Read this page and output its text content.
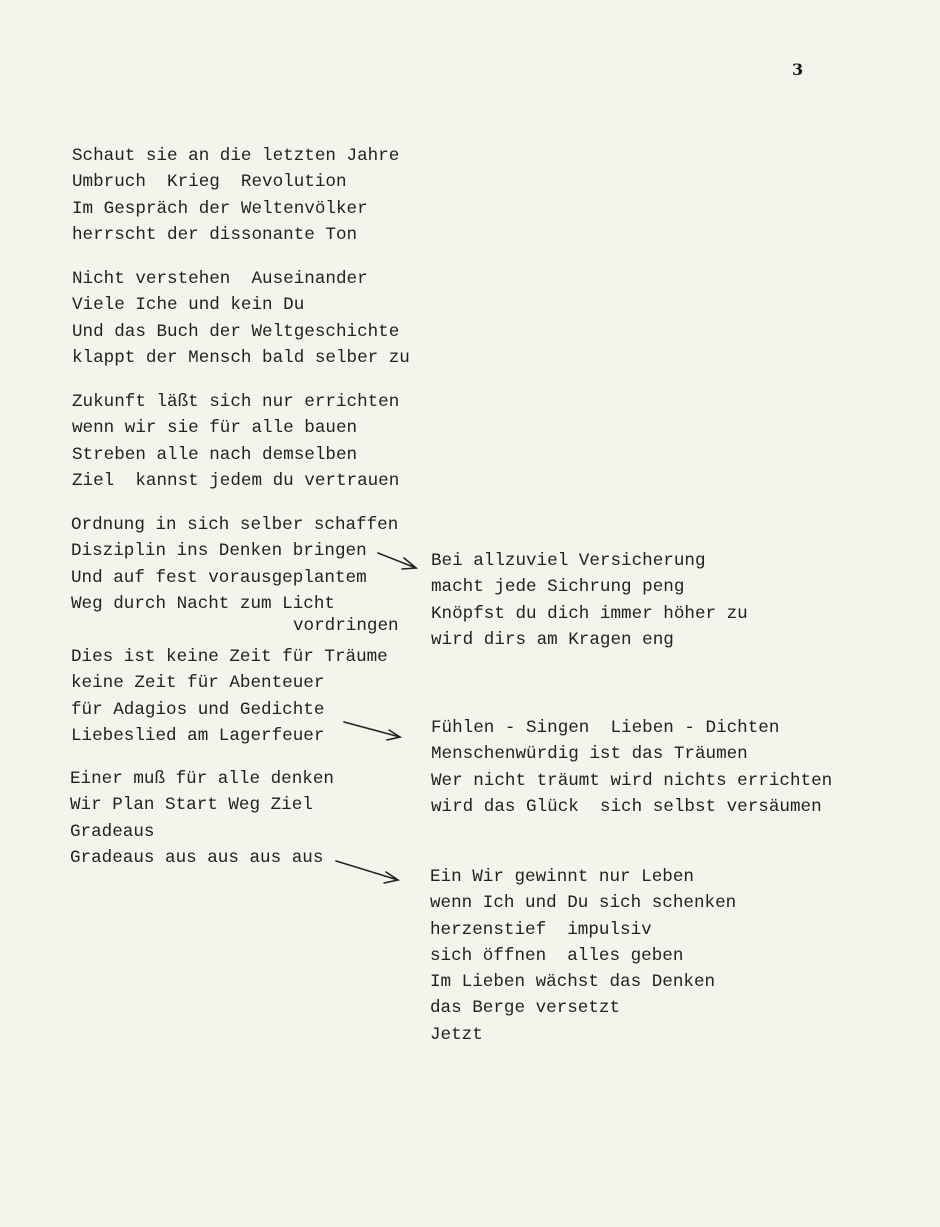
3
Schaut sie an die letzten Jahre
Umbruch  Krieg  Revolution
Im Gespräch der Weltenvölker
herrscht der dissonante Ton
Nicht verstehen  Auseinander
Viele Iche und kein Du
Und das Buch der Weltgeschichte
klappt der Mensch bald selber zu
Zukunft läßt sich nur errichten
wenn wir sie für alle bauen
Streben alle nach demselben
Ziel  kannst jedem du vertrauen
Ordnung in sich selber schaffen
Disziplin ins Denken bringen
Und auf fest vorausgeplantem
Weg durch Nacht zum Licht
vordringen
Dies ist keine Zeit für Träume
keine Zeit für Abenteuer
für Adagios und Gedichte
Liebeslied am Lagerfeuer
Einer muß für alle denken
Wir Plan Start Weg Ziel
Gradeaus
Gradeaus aus aus aus aus
Bei allzuviel Versicherung
macht jede Sichrung peng
Knöpfst du dich immer höher zu
wird dirs am Kragen eng
Fühlen - Singen  Lieben - Dichten
Menschenwürdig ist das Träumen
Wer nicht träumt wird nichts errichten
wird das Glück  sich selbst versäumen
Ein Wir gewinnt nur Leben
wenn Ich und Du sich schenken
herzenstief  impulsiv
sich öffnen  alles geben
Im Lieben wächst das Denken
das Berge versetzt
Jetzt
